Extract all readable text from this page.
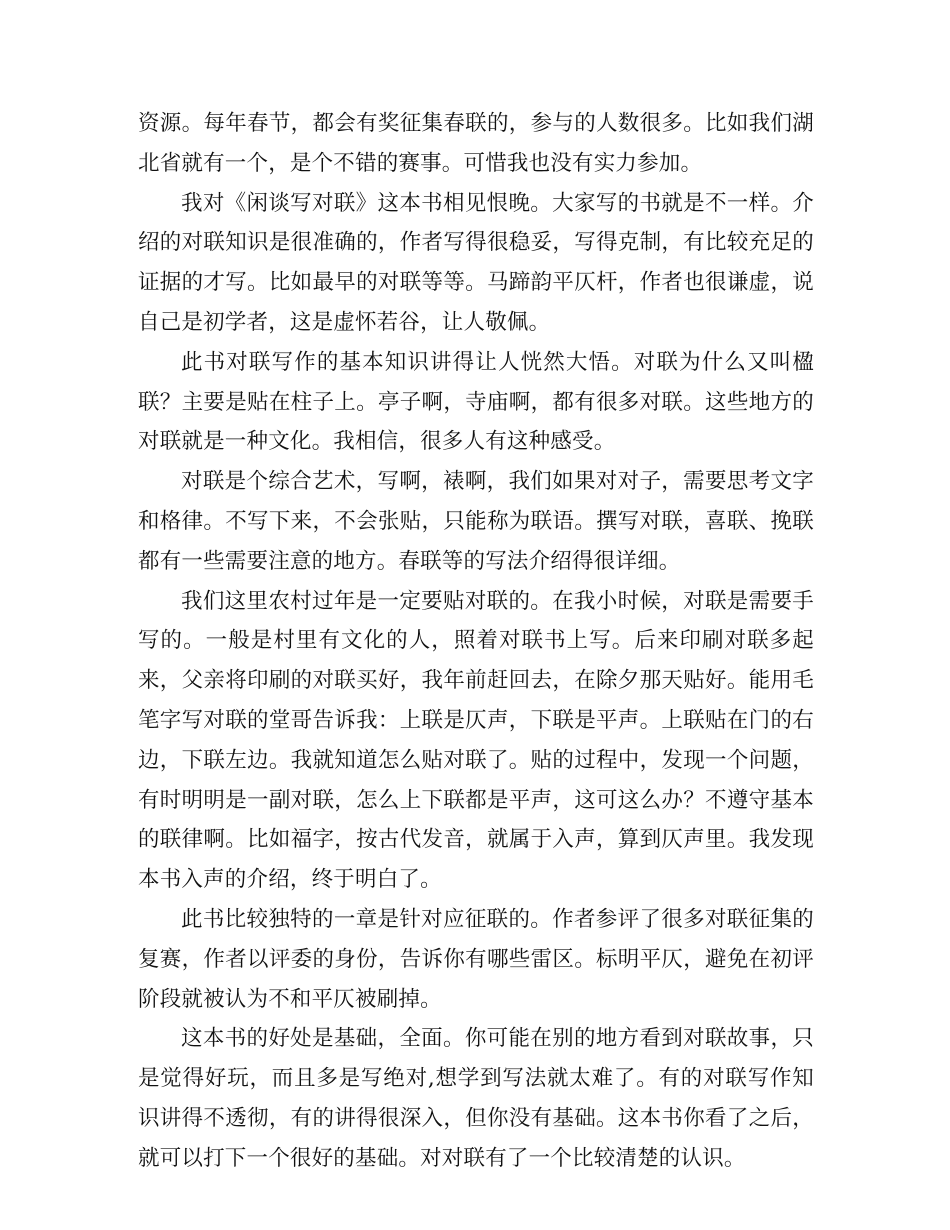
资源。每年春节，都会有奖征集春联的，参与的人数很多。比如我们湖北省就有一个，是个不错的赛事。可惜我也没有实力参加。

我对《闲谈写对联》这本书相见恨晚。大家写的书就是不一样。介绍的对联知识是很准确的，作者写得很稳妥，写得克制，有比较充足的证据的才写。比如最早的对联等等。马蹄韵平仄杆，作者也很谦虚，说自己是初学者，这是虚怀若谷，让人敬佩。

此书对联写作的基本知识讲得让人恍然大悟。对联为什么又叫楹联？主要是贴在柱子上。亭子啊，寺庙啊，都有很多对联。这些地方的对联就是一种文化。我相信，很多人有这种感受。

对联是个综合艺术，写啊，裱啊，我们如果对对子，需要思考文字和格律。不写下来，不会张贴，只能称为联语。撰写对联，喜联、挽联都有一些需要注意的地方。春联等的写法介绍得很详细。

我们这里农村过年是一定要贴对联的。在我小时候，对联是需要手写的。一般是村里有文化的人，照着对联书上写。后来印刷对联多起来，父亲将印刷的对联买好，我年前赶回去，在除夕那天贴好。能用毛笔字写对联的堂哥告诉我：上联是仄声，下联是平声。上联贴在门的右边，下联左边。我就知道怎么贴对联了。贴的过程中，发现一个问题，有时明明是一副对联，怎么上下联都是平声，这可这么办？不遵守基本的联律啊。比如福字，按古代发音，就属于入声，算到仄声里。我发现本书入声的介绍，终于明白了。

此书比较独特的一章是针对应征联的。作者参评了很多对联征集的复赛，作者以评委的身份，告诉你有哪些雷区。标明平仄，避免在初评阶段就被认为不和平仄被刷掉。

这本书的好处是基础，全面。你可能在别的地方看到对联故事，只是觉得好玩，而且多是写绝对,想学到写法就太难了。有的对联写作知识讲得不透彻，有的讲得很深入，但你没有基础。这本书你看了之后，就可以打下一个很好的基础。对对联有了一个比较清楚的认识。
